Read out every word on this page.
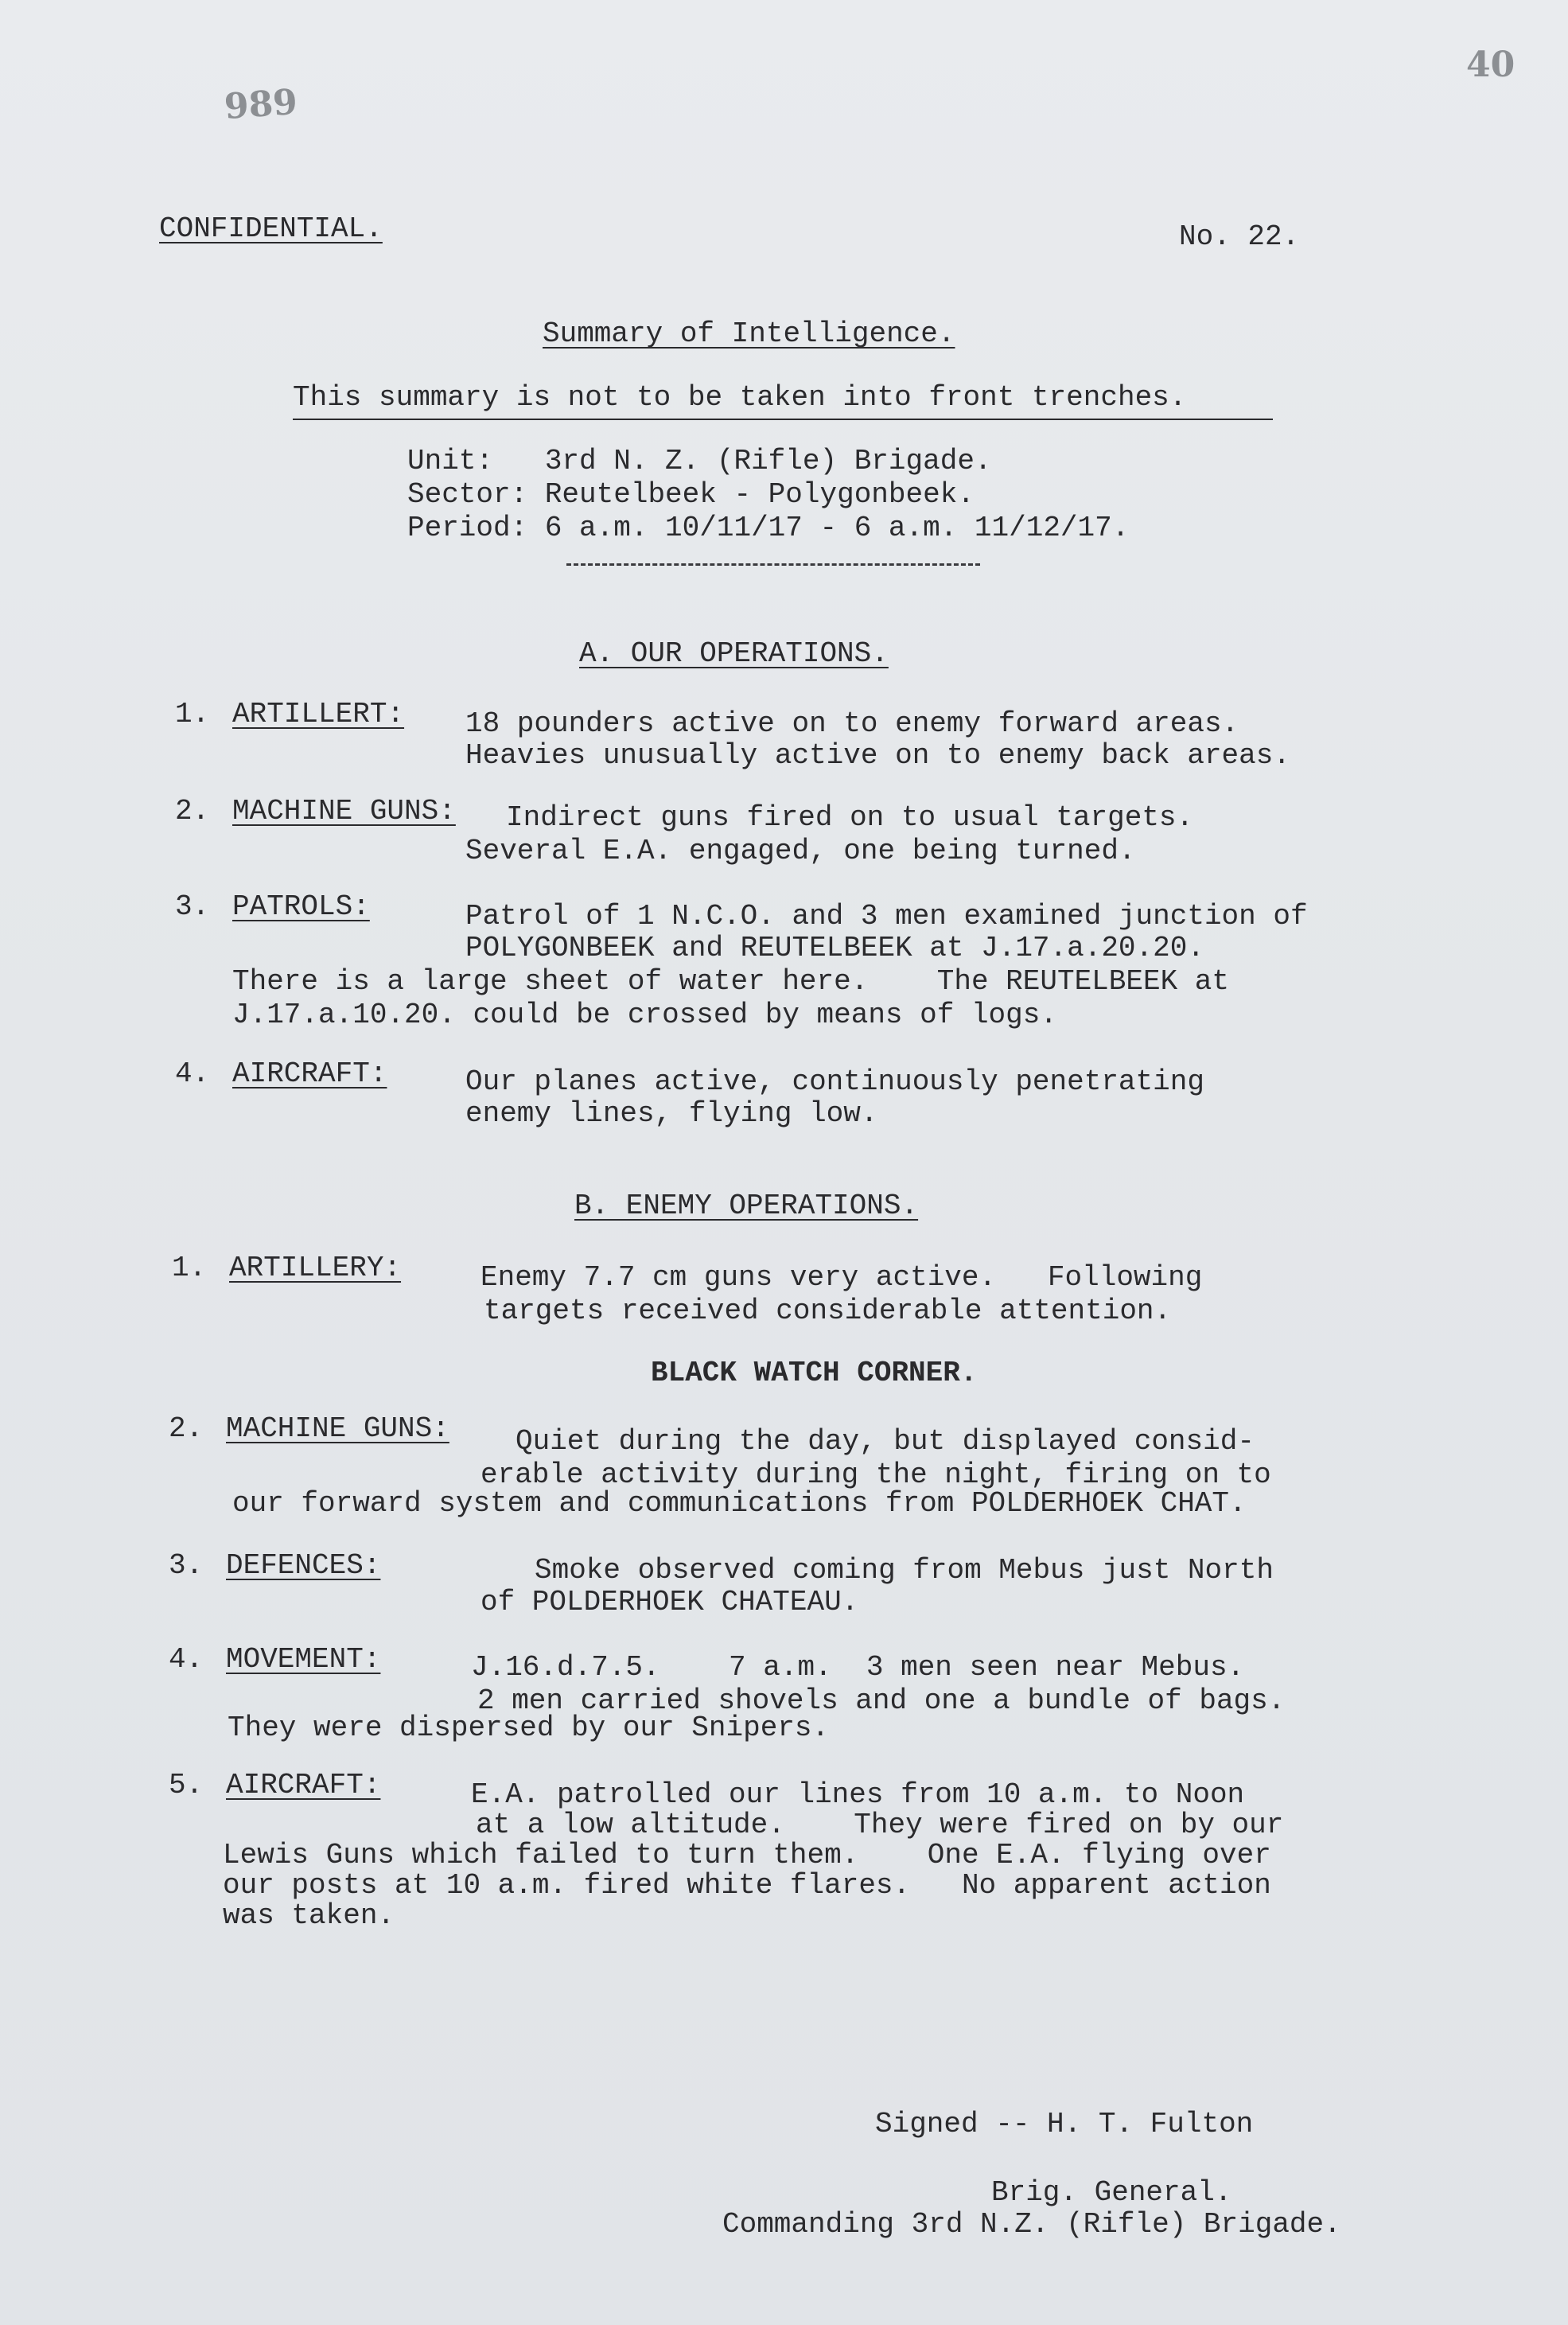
40
989
CONFIDENTIAL.	No. 22.
Summary of Intelligence.
This summary is not to be taken into front trenches.
Unit:   3rd N. Z. (Rifle) Brigade.
Sector: Reutelbeek - Polygonbeek.
Period: 6 a.m. 10/11/17 - 6 a.m. 11/12/17.
A. OUR OPERATIONS.
1. ARTILLERT: 18 pounders active on to enemy forward areas.
Heavies unusually active on to enemy back areas.
2. MACHINE GUNS: Indirect guns fired on to usual targets.
Several E.A. engaged, one being turned.
3. PATROLS:	Patrol of 1 N.C.O. and 3 men examined junction of
POLYGONBEEK and REUTELBEEK at J.17.a.20.20.
There is a large sheet of water here.    The REUTELBEEK at
J.17.a.10.20. could be crossed by means of logs.
4. AIRCRAFT:	Our planes active, continuously penetrating
enemy lines, flying low.
B. ENEMY OPERATIONS.
1. ARTILLERY:	Enemy 7.7 cm guns very active.   Following
targets received considerable attention.
BLACK WATCH CORNER.
2. MACHINE GUNS: Quiet during the day, but displayed consid-
erable activity during the night, firing on to
our forward system and communications from POLDERHOEK CHAT.
3. DEFENCES:	Smoke observed coming from Mebus just North
of POLDERHOEK CHATEAU.
4. MOVEMENT:	J.16.d.7.5.    7 a.m.  3 men seen near Mebus.
2 men carried shovels and one a bundle of bags.
They were dispersed by our Snipers.
5. AIRCRAFT:	E.A. patrolled our lines from 10 a.m. to Noon
at a low altitude.    They were fired on by our
Lewis Guns which failed to turn them.    One E.A. flying over
our posts at 10 a.m. fired white flares.   No apparent action
was taken.
Signed -- H. T. Fulton
Brig. General.
Commanding 3rd N.Z. (Rifle) Brigade.
